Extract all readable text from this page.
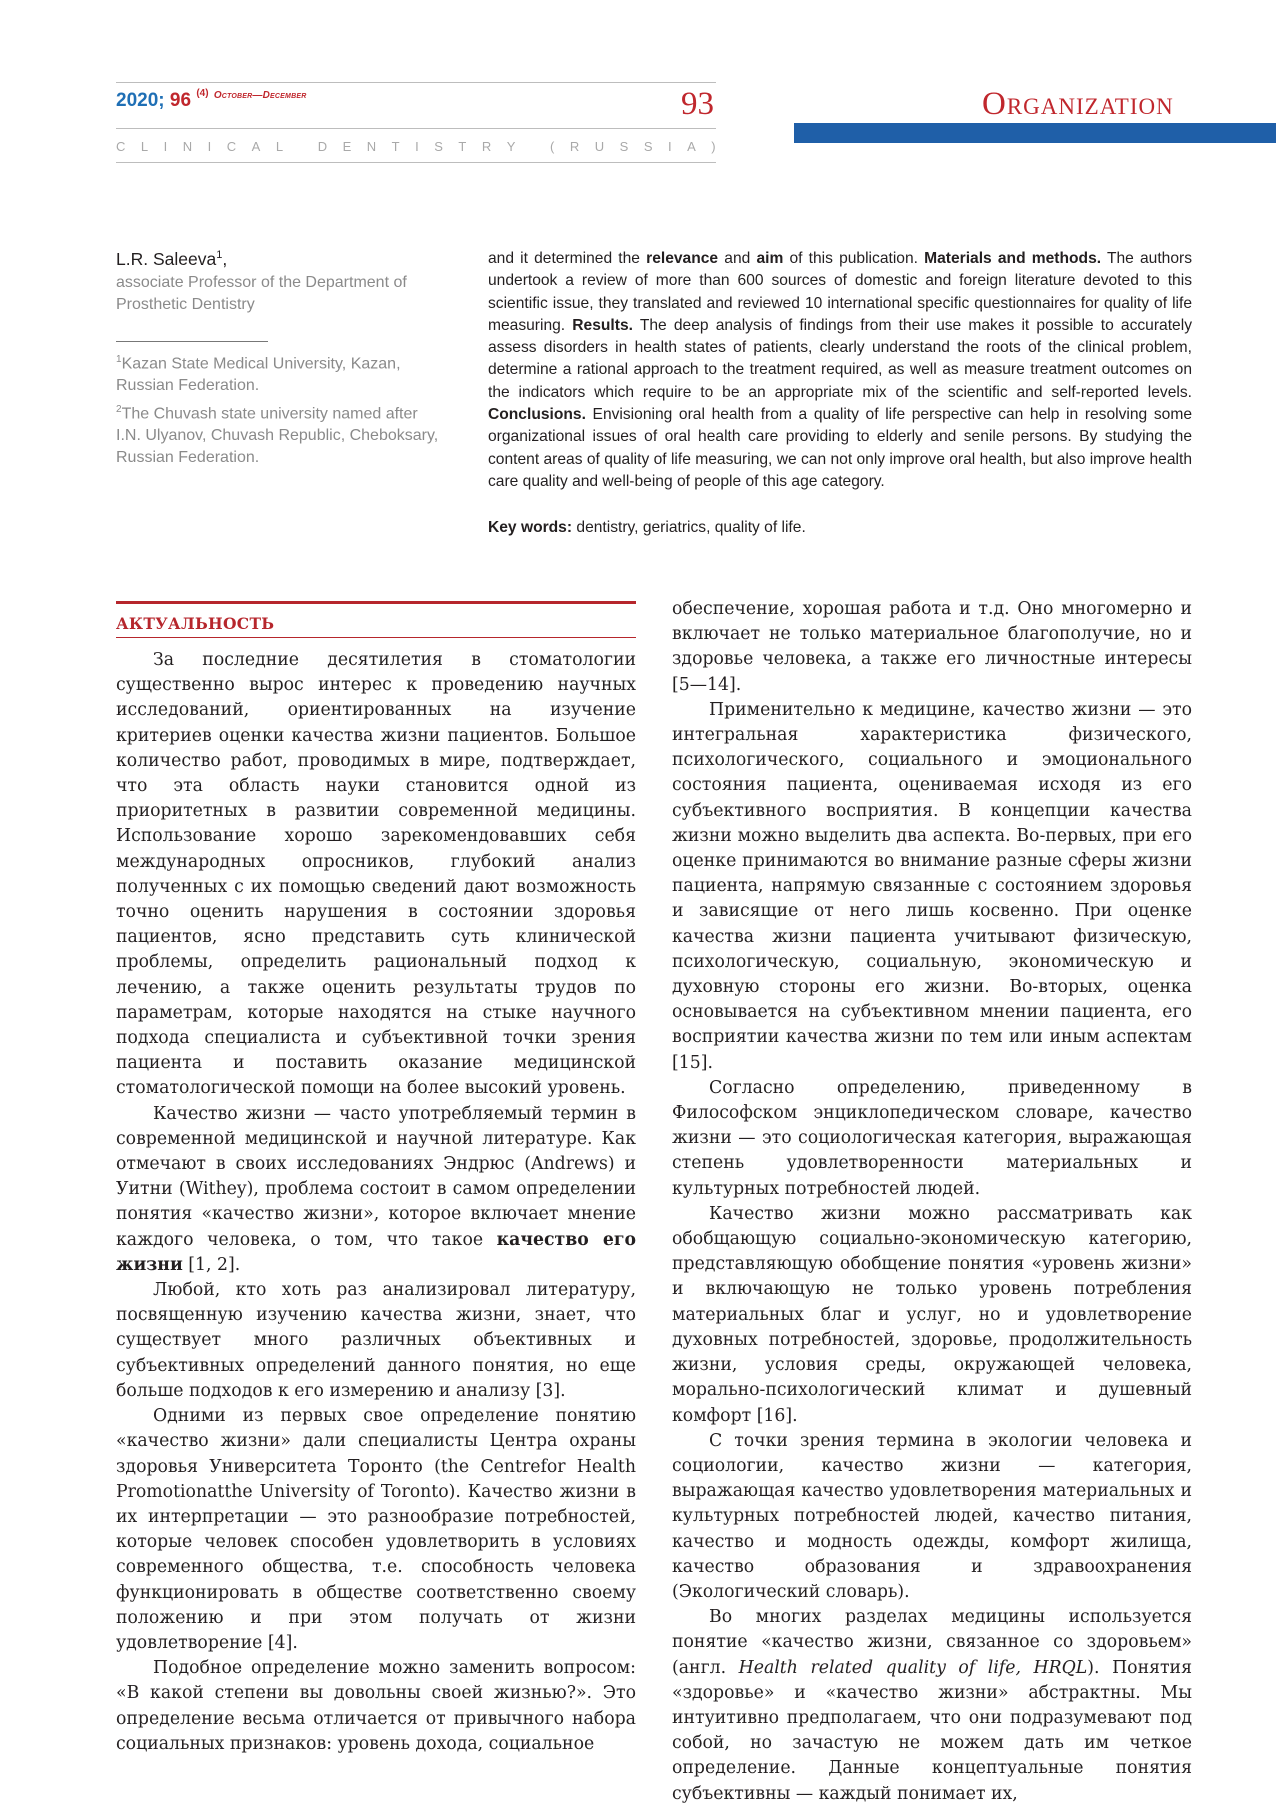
2020; 96 $^{(4)}$ $^{October—December}$	93	Organization
C L I N I C A L
	D E N T I S T R Y
	( R U S S I A )
L.R. Saleeva$^1$,
associate Professor of the Department of Prosthetic Dentistry
$^1$Kazan State Medical University, Kazan, Russian Federation.
$^2$The Chuvash state university named after I.N. Ulyanov, Chuvash Republic, Cheboksary, Russian Federation.
and it determined the relevance and aim of this publication. Materials and methods. The authors undertook a review of more than 600 sources of domestic and foreign literature devoted to this scientific issue, they translated and reviewed 10 international specific questionnaires for quality of life measuring. Results. The deep analysis of findings from their use makes it possible to accurately assess disorders in health states of patients, clearly understand the roots of the clinical problem, determine a rational approach to the treatment required, as well as measure treatment outcomes on the indicators which require to be an appropriate mix of the scientific and self-reported levels. Conclusions. Envisioning oral health from a quality of life perspective can help in resolving some organizational issues of oral health care providing to elderly and senile persons. By studying the content areas of quality of life measuring, we can not only improve oral health, but also improve health care quality and well-being of people of this age category.
Key words: dentistry, geriatrics, quality of life.
АКТУАЛЬНОСТЬ

За последние десятилетия в стоматологии существенно вырос интерес к проведению научных исследований, ориентированных на изучение критериев оценки качества жизни пациентов. Большое количество работ, проводимых в мире, подтверждает, что эта область науки становится одной из приоритетных в развитии современной медицины. Использование хорошо зарекомендовавших себя международных опросников, глубокий анализ полученных с их помощью сведений дают возможность точно оценить нарушения в состоянии здоровья пациентов, ясно представить суть клинической проблемы, определить рациональный подход к лечению, а также оценить результаты трудов по параметрам, которые находятся на стыке научного подхода специалиста и субъективной точки зрения пациента и поставить оказание медицинской стоматологической помощи на более высокий уровень.

Качество жизни — часто употребляемый термин в современной медицинской и научной литературе. Как отмечают в своих исследованиях Эндрюс (Andrews) и Уитни (Withey), проблема состоит в самом определении понятия «качество жизни», которое включает мнение каждого человека, о том, что такое качество его жизни [1, 2].

Любой, кто хоть раз анализировал литературу, посвященную изучению качества жизни, знает, что существует много различных объективных и субъективных определений данного понятия, но еще больше подходов к его измерению и анализу [3].

Одними из первых свое определение понятию «качество жизни» дали специалисты Центра охраны здоровья Университета Торонто (the Centrefor Health Promotionatthe University of Toronto). Качество жизни в их интерпретации — это разнообразие потребностей, которые человек способен удовлетворить в условиях современного общества, т.е. способность человека функционировать в обществе соответственно своему положению и при этом получать от жизни удовлетворение [4].

Подобное определение можно заменить вопросом: «В какой степени вы довольны своей жизнью?». Это определение весьма отличается от привычного набора социальных признаков: уровень дохода, социальное

обеспечение, хорошая работа и т.д. Оно многомерно и включает не только материальное благополучие, но и здоровье человека, а также его личностные интересы [5—14].

Применительно к медицине, качество жизни — это интегральная характеристика физического, психологического, социального и эмоционального состояния пациента, оцениваемая исходя из его субъективного восприятия. В концепции качества жизни можно выделить два аспекта. Во-первых, при его оценке принимаются во внимание разные сферы жизни пациента, напрямую связанные с состоянием здоровья и зависящие от него лишь косвенно. При оценке качества жизни пациента учитывают физическую, психологическую, социальную, экономическую и духовную стороны его жизни. Во-вторых, оценка основывается на субъективном мнении пациента, его восприятии качества жизни по тем или иным аспектам [15].

Согласно определению, приведенному в Философском энциклопедическом словаре, качество жизни — это социологическая категория, выражающая степень удовлетворенности материальных и культурных потребностей людей.

Качество жизни можно рассматривать как обобщающую социально-экономическую категорию, представляющую обобщение понятия «уровень жизни» и включающую не только уровень потребления материальных благ и услуг, но и удовлетворение духовных потребностей, здоровье, продолжительность жизни, условия среды, окружающей человека, морально-психологический климат и душевный комфорт [16].

С точки зрения термина в экологии человека и социологии, качество жизни — категория, выражающая качество удовлетворения материальных и культурных потребностей людей, качество питания, качество и модность одежды, комфорт жилища, качество образования и здравоохранения (Экологический словарь).

Во многих разделах медицины используется понятие «качество жизни, связанное со здоровьем» (англ. Health related quality of life, HRQL). Понятия «здоровье» и «качество жизни» абстрактны. Мы интуитивно предполагаем, что они подразумевают под собой, но зачастую не можем дать им четкое определение. Данные концептуальные понятия субъективны — каждый понимает их,
